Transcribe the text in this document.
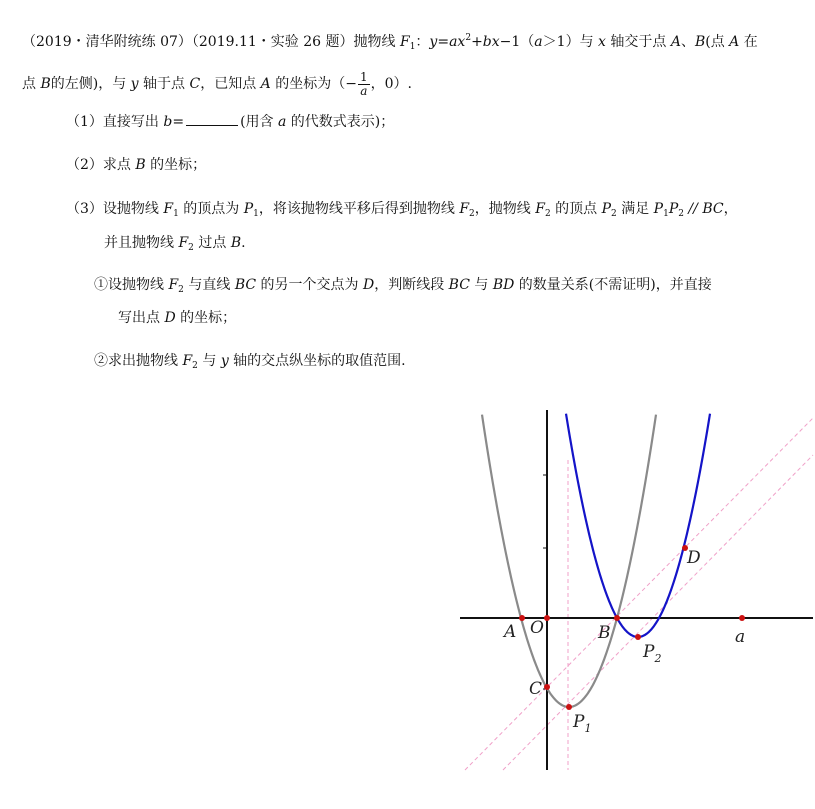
（2019・清华附统练 07）（2019.11・实验 26 题）抛物线 $F_1$：$y=ax^2+bx-1(a>1)$与 x 轴交于点 A、B(点 A 在
点 B的左侧)，与 y 轴于点 C，已知点 A 的坐标为（− $\frac{1}{a}$ ，0）.
（1）直接写出 b=	(用含 a 的代数式表示)；
（2）求点 B 的坐标；
（3）设抛物线 $F_1$ 的顶点为 $P_1$，将该抛物线平移后得到抛物线 $F_2$，抛物线 $F_2$ 的顶点 $P_2$ 满足 $P_1P_2$ // BC，
并且抛物线 $F_2$ 过点 B.
①设抛物线 $F_2$ 与直线 BC 的另一个交点为 D，判断线段 BC 与 BD 的数量关系(不需证明)，并直接
写出点 D 的坐标；
②求出抛物线 $F_2$ 与 y 轴的交点纵坐标的取值范围.
A O	B	a
C
D
$P_1$
$P_2$
